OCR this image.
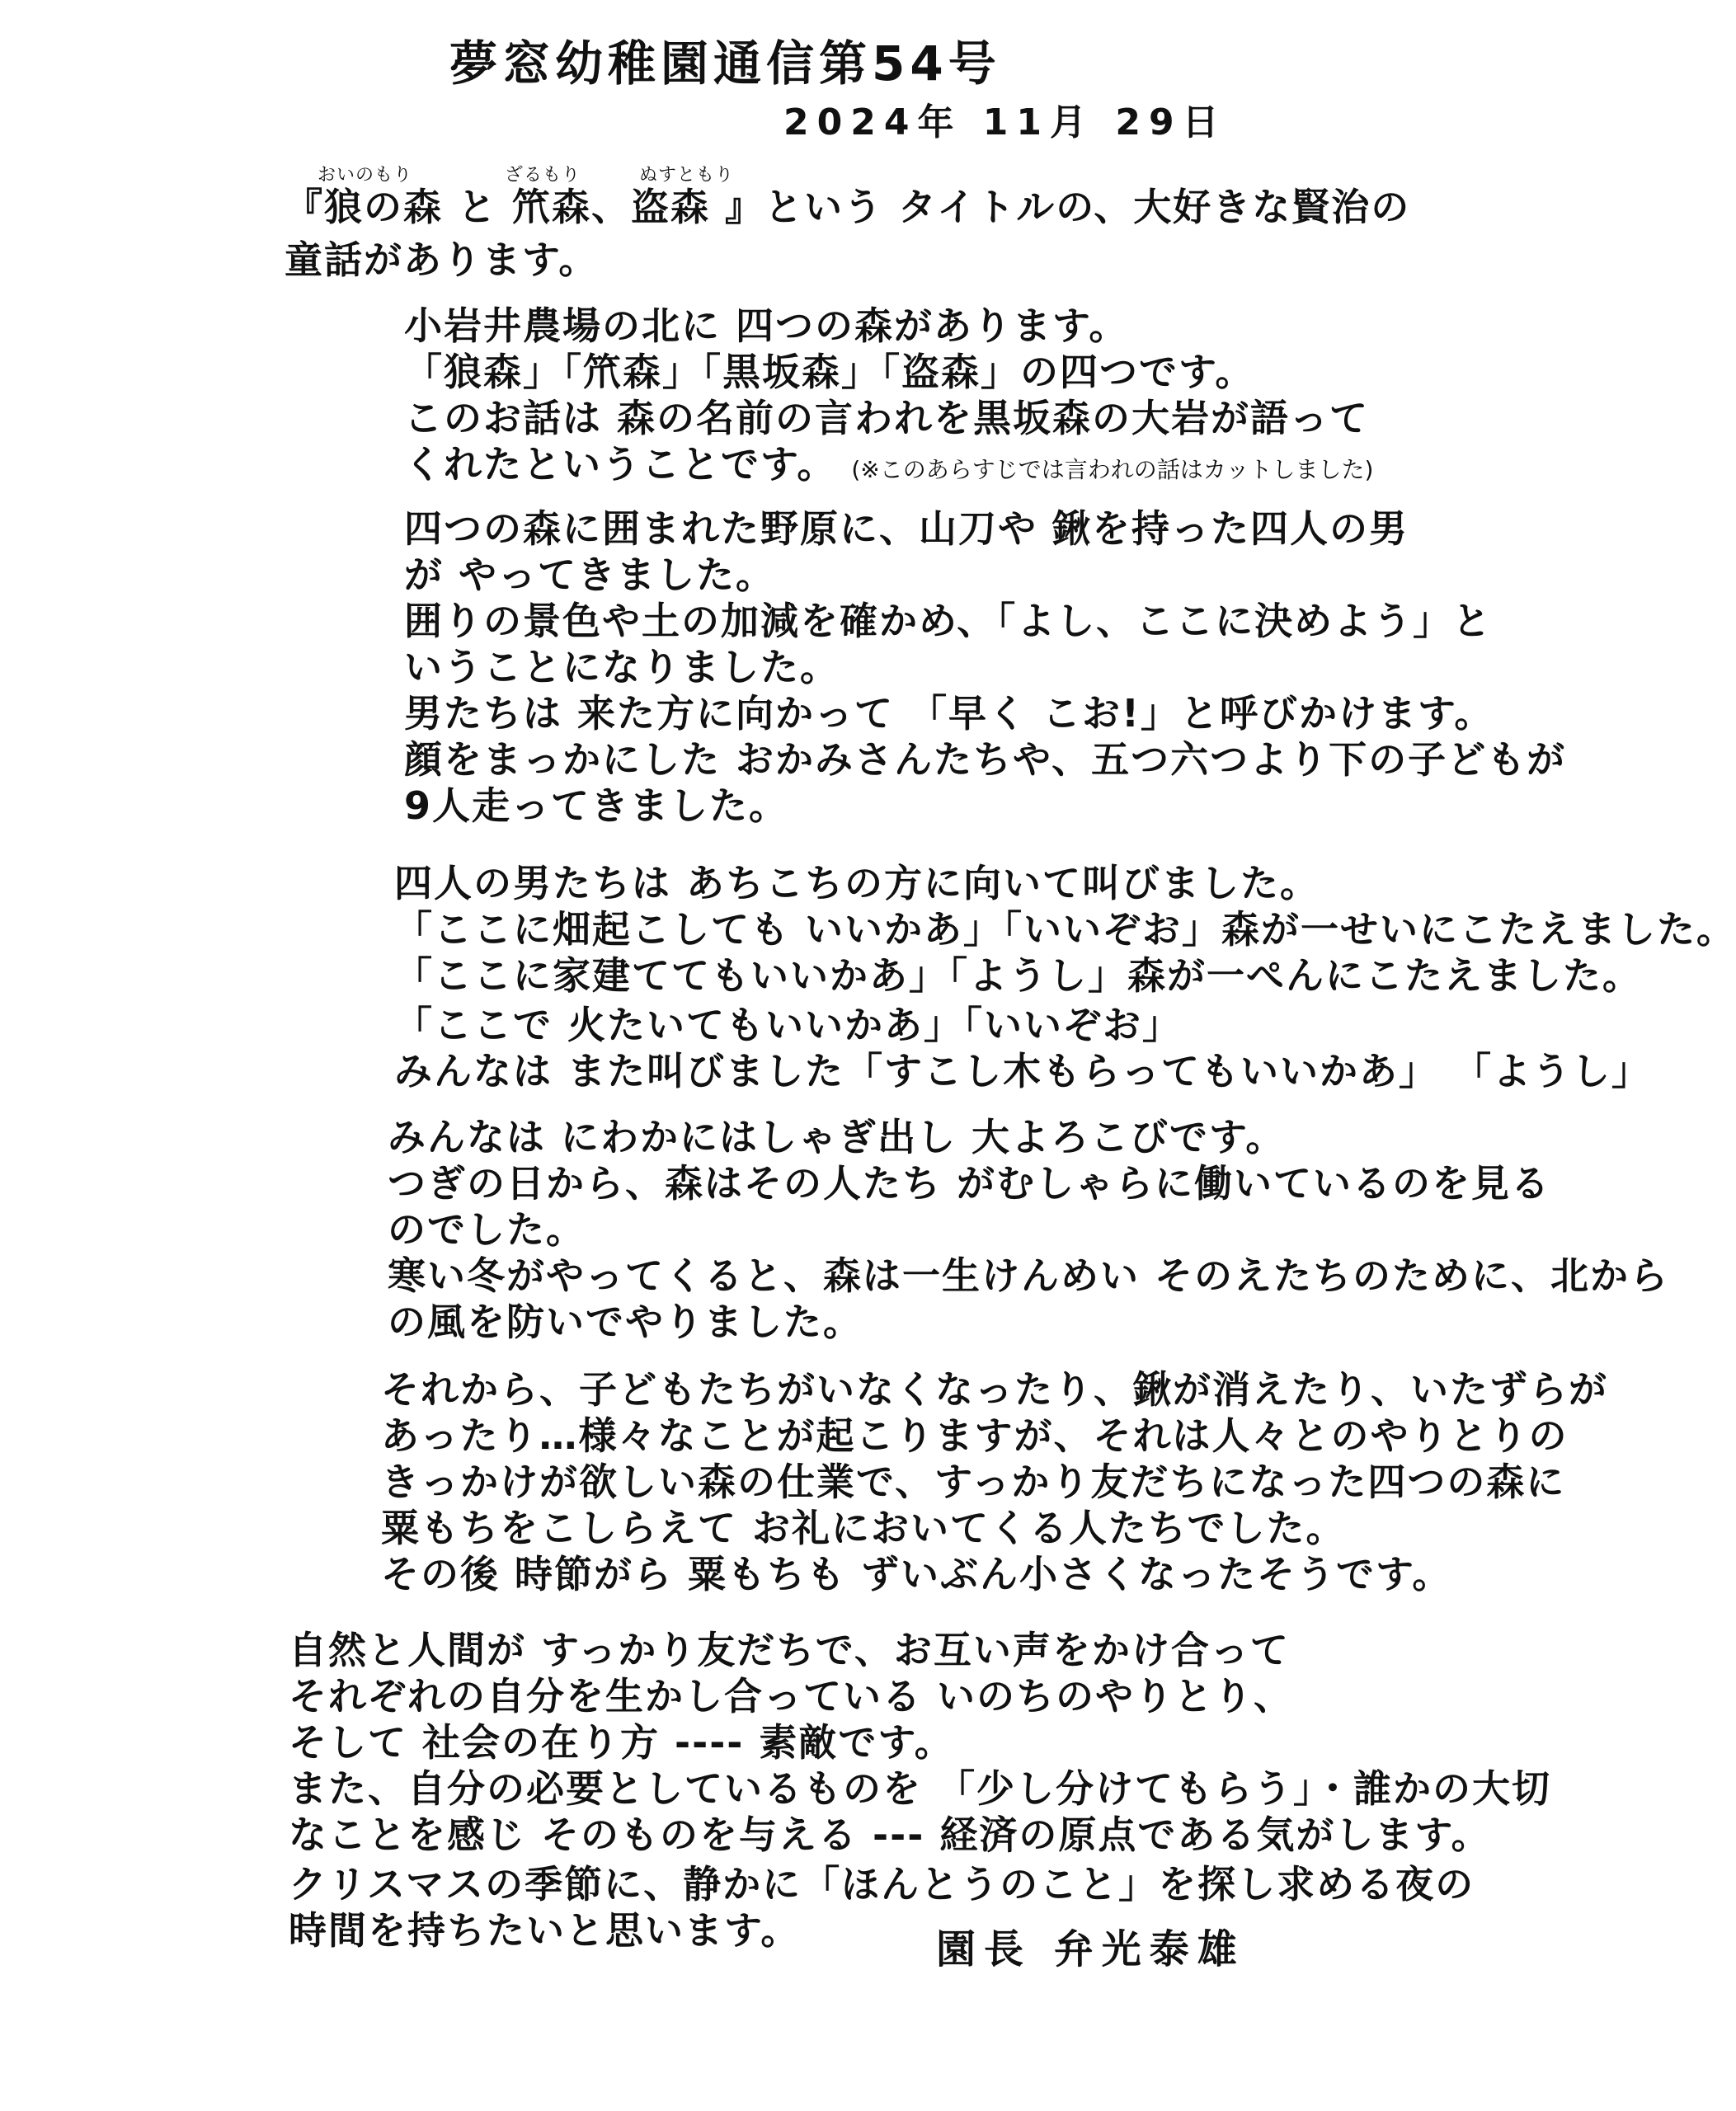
夢窓幼稚園通信第54号
2024年 11月 29日
おいのもり	ざるもり	ぬすともり
『狼の森 と 笊森、盗森 』という タイトルの、大好きな賢治の
童話があります。
小岩井農場の北に 四つの森があります。
「狼森」「笊森」「黒坂森」「盗森」の四つです。
このお話は 森の名前の言われを黒坂森の大岩が語って
くれたということです。 (※このあらすじでは言われの話はカットしました)
四つの森に囲まれた野原に、山刀や 鍬を持った四人の男
が やってきました。
囲りの景色や土の加減を確かめ、「よし、ここに決めよう」と
いうことになりました。
男たちは 来た方に向かって 「早く こお!」と呼びかけます。
顔をまっかにした おかみさんたちや、五つ六つより下の子どもが
9人走ってきました。
四人の男たちは あちこちの方に向いて叫びました。
「ここに畑起こしても いいかあ」「いいぞお」森が一せいにこたえました。
「ここに家建ててもいいかあ」「ようし」森が一ぺんにこたえました。
「ここで 火たいてもいいかあ」「いいぞお」
みんなは また叫びました「すこし木もらってもいいかあ」 「ようし」
みんなは にわかにはしゃぎ出し 大よろこびです。
つぎの日から、森はその人たち がむしゃらに働いているのを見る
のでした。
寒い冬がやってくると、森は一生けんめい そのえたちのために、北から
の風を防いでやりました。
それから、子どもたちがいなくなったり、鍬が消えたり、いたずらが
あったり…様々なことが起こりますが、それは人々とのやりとりの
きっかけが欲しい森の仕業で、すっかり友だちになった四つの森に
粟もちをこしらえて お礼においてくる人たちでした。
その後 時節がら 粟もちも ずいぶん小さくなったそうです。
自然と人間が すっかり友だちで、お互い声をかけ合って
それぞれの自分を生かし合っている いのちのやりとり、
そして 社会の在り方 ---- 素敵です。
また、自分の必要としているものを 「少し分けてもらう」・誰かの大切
なことを感じ そのものを与える --- 経済の原点である気がします。
クリスマスの季節に、静かに「ほんとうのこと」を探し求める夜の
時間を持ちたいと思います。	園長 弁光泰雄
